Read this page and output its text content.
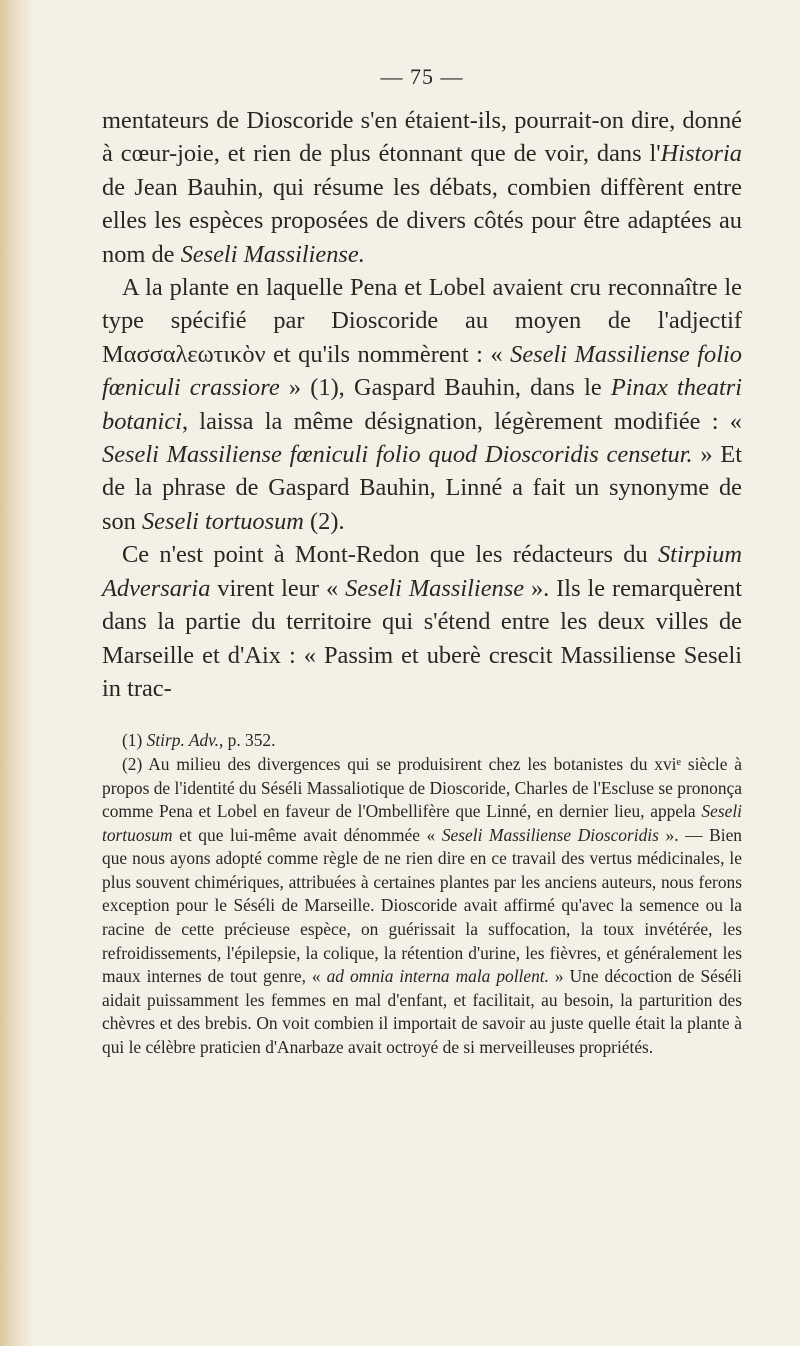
— 75 —

mentateurs de Dioscoride s'en étaient-ils, pourrait-on dire, donné à cœur-joie, et rien de plus étonnant que de voir, dans l'Historia de Jean Bauhin, qui résume les débats, combien diffèrent entre elles les espèces proposées de divers côtés pour être adaptées au nom de Seseli Massiliense.

A la plante en laquelle Pena et Lobel avaient cru reconnaître le type spécifié par Dioscoride au moyen de l'adjectif Μασσαλεωτικὸν et qu'ils nommèrent : « Seseli Massiliense folio fœniculi crassiore » (1), Gaspard Bauhin, dans le Pinax theatri botanici, laissa la même désignation, légèrement modifiée : « Seseli Massiliense fœniculi folio quod Dioscoridis censetur. » Et de la phrase de Gaspard Bauhin, Linné a fait un synonyme de son Seseli tortuosum (2).

Ce n'est point à Mont-Redon que les rédacteurs du Stirpium Adversaria virent leur « Seseli Massiliense ». Ils le remarquèrent dans la partie du territoire qui s'étend entre les deux villes de Marseille et d'Aix : « Passim et uberè crescit Massiliense Seseli in trac-

(1) Stirp. Adv., p. 352.

(2) Au milieu des divergences qui se produisirent chez les botanistes du xviᵉ siècle à propos de l'identité du Séséli Massaliotique de Dioscoride, Charles de l'Escluse se prononça comme Pena et Lobel en faveur de l'Ombellifère que Linné, en dernier lieu, appela Seseli tortuosum et que lui-même avait dénommée « Seseli Massiliense Dioscoridis ». — Bien que nous ayons adopté comme règle de ne rien dire en ce travail des vertus médicinales, le plus souvent chimériques, attribuées à certaines plantes par les anciens auteurs, nous ferons exception pour le Séséli de Marseille. Dioscoride avait affirmé qu'avec la semence ou la racine de cette précieuse espèce, on guérissait la suffocation, la toux invétérée, les refroidissements, l'épilepsie, la colique, la rétention d'urine, les fièvres, et généralement les maux internes de tout genre, « ad omnia interna mala pollent. » Une décoction de Séséli aidait puissamment les femmes en mal d'enfant, et facilitait, au besoin, la parturition des chèvres et des brebis. On voit combien il importait de savoir au juste quelle était la plante à qui le célèbre praticien d'Anarbaze avait octroyé de si merveilleuses propriétés.
